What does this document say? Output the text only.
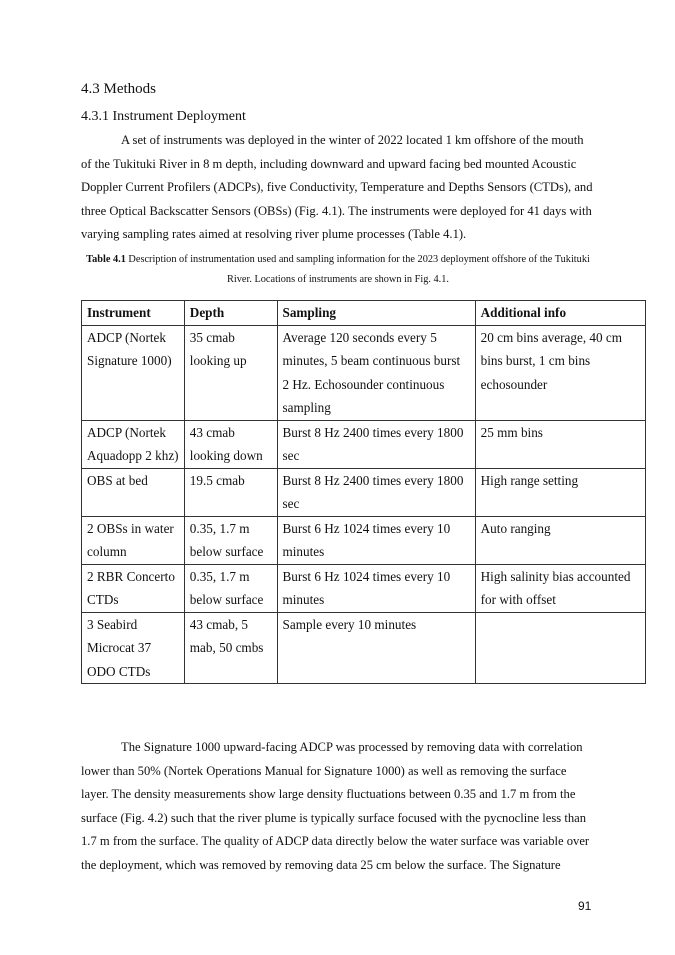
4.3 Methods
4.3.1 Instrument Deployment

A set of instruments was deployed in the winter of 2022 located 1 km offshore of the mouth of the Tukituki River in 8 m depth, including downward and upward facing bed mounted Acoustic Doppler Current Profilers (ADCPs), five Conductivity, Temperature and Depths Sensors (CTDs), and three Optical Backscatter Sensors (OBSs) (Fig. 4.1). The instruments were deployed for 41 days with varying sampling rates aimed at resolving river plume processes (Table 4.1).

Table 4.1 Description of instrumentation used and sampling information for the 2023 deployment offshore of the Tukituki River. Locations of instruments are shown in Fig. 4.1.

Instrument	Depth	Sampling	Additional info
ADCP (Nortek Signature 1000)	35 cmab looking up	Average 120 seconds every 5 minutes, 5 beam continuous burst 2 Hz. Echosounder continuous sampling	20 cm bins average, 40 cm bins burst, 1 cm bins echosounder
ADCP (Nortek Aquadopp 2 khz)	43 cmab looking down	Burst 8 Hz 2400 times every 1800 sec	25 mm bins
OBS at bed	19.5 cmab	Burst 8 Hz 2400 times every 1800 sec	High range setting
2 OBSs in water column	0.35, 1.7 m below surface	Burst 6 Hz 1024 times every 10 minutes	Auto ranging
2 RBR Concerto CTDs	0.35, 1.7 m below surface	Burst 6 Hz 1024 times every 10 minutes	High salinity bias accounted for with offset
3 Seabird Microcat 37 ODO CTDs	43 cmab, 5 mab, 50 cmbs	Sample every 10 minutes	

The Signature 1000 upward-facing ADCP was processed by removing data with correlation lower than 50% (Nortek Operations Manual for Signature 1000) as well as removing the surface layer. The density measurements show large density fluctuations between 0.35 and 1.7 m from the surface (Fig. 4.2) such that the river plume is typically surface focused with the pycnocline less than 1.7 m from the surface. The quality of ADCP data directly below the water surface was variable over the deployment, which was removed by removing data 25 cm below the surface. The Signature

91
